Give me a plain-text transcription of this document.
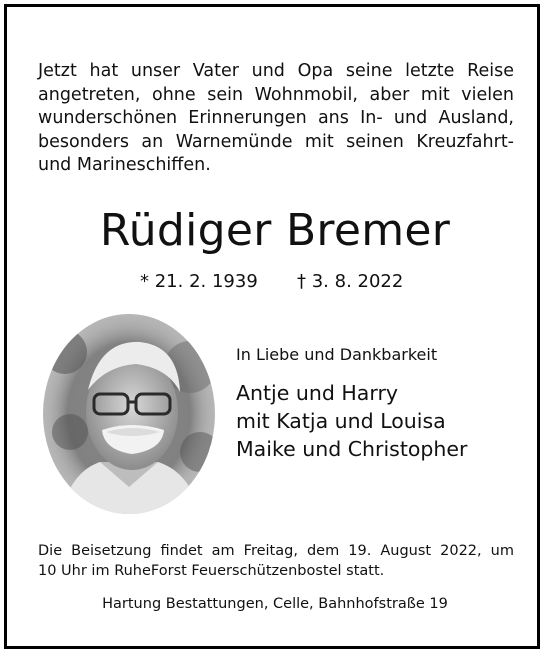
Jetzt hat unser Vater und Opa seine letzte Reise
angetreten, ohne sein Wohnmobil, aber mit vielen
wunderschönen Erinnerungen ans In- und Ausland,
besonders an Warnemünde mit seinen Kreuzfahrt-
und Marineschiffen.
Rüdiger Bremer
* 21. 2. 1939 † 3. 8. 2022
In Liebe und Dankbarkeit
Antje und Harry
mit Katja und Louisa
Maike und Christopher
Die Beisetzung findet am Freitag, dem 19. August 2022, um
10 Uhr im RuheForst Feuerschützenbostel statt.
Hartung Bestattungen, Celle, Bahnhofstraße 19
